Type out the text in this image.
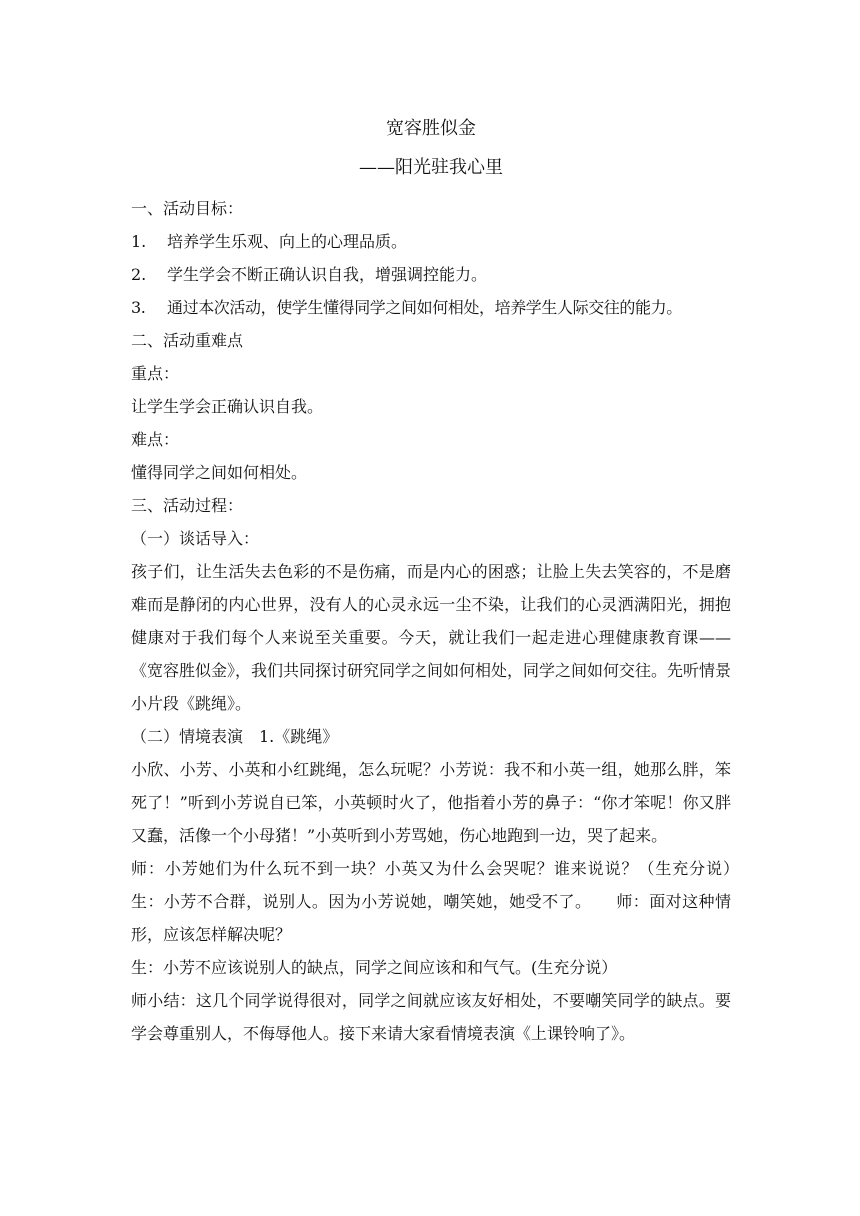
宽容胜似金

——阳光驻我心里

一、活动目标：

1. 培养学生乐观、向上的心理品质。

2. 学生学会不断正确认识自我，增强调控能力。

3. 通过本次活动，使学生懂得同学之间如何相处，培养学生人际交往的能力。

二、活动重难点

重点：

让学生学会正确认识自我。

难点：

懂得同学之间如何相处。

三、活动过程：

（一）谈话导入：

孩子们，让生活失去色彩的不是伤痛，而是内心的困惑；让脸上失去笑容的，不是磨难而是静闭的内心世界，没有人的心灵永远一尘不染，让我们的心灵洒满阳光，拥抱健康对于我们每个人来说至关重要。今天，就让我们一起走进心理健康教育课——《宽容胜似金》，我们共同探讨研究同学之间如何相处，同学之间如何交往。先听情景小片段《跳绳》。

（二）情境表演　1.《跳绳》

小欣、小芳、小英和小红跳绳，怎么玩呢？小芳说：我不和小英一组，她那么胖，笨死了！”听到小芳说自已笨，小英顿时火了，他指着小芳的鼻子：“你才笨呢！你又胖又蠢，活像一个小母猪！”小英听到小芳骂她，伤心地跑到一边，哭了起来。

师：小芳她们为什么玩不到一块？小英又为什么会哭呢？谁来说说？（生充分说）　生：小芳不合群，说别人。因为小芳说她，嘲笑她，她受不了。　　师：面对这种情形，应该怎样解决呢？

生：小芳不应该说别人的缺点，同学之间应该和和气气。(生充分说）

师小结：这几个同学说得很对，同学之间就应该友好相处，不要嘲笑同学的缺点。要学会尊重别人，不侮辱他人。接下来请大家看情境表演《上课铃响了》。
